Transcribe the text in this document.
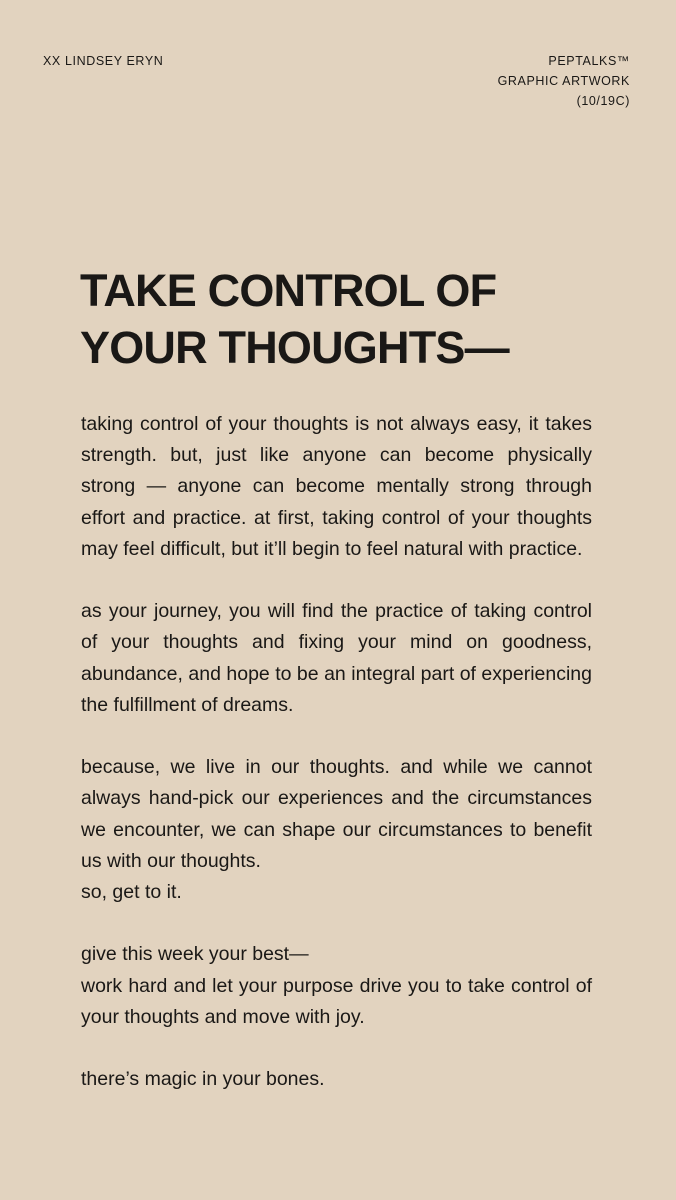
XX LINDSEY ERYN	PEPTALKS™
GRAPHIC ARTWORK
(10/19C)
TAKE CONTROL OF
YOUR THOUGHTS—
taking control of your thoughts is not always easy, it takes strength. but, just like anyone can become physically strong — anyone can become mentally strong through effort and practice. at first, taking control of your thoughts may feel difficult, but it’ll begin to feel natural with practice.
as your journey, you will find the practice of taking control of your thoughts and fixing your mind on goodness, abundance, and hope to be an integral part of experiencing the fulfillment of dreams.
because, we live in our thoughts. and while we cannot always hand-pick our experiences and the circumstances we encounter, we can shape our circumstances to benefit us with our thoughts.
so, get to it.
give this week your best—
work hard and let your purpose drive you to take control of your thoughts and move with joy.
there’s magic in your bones.
